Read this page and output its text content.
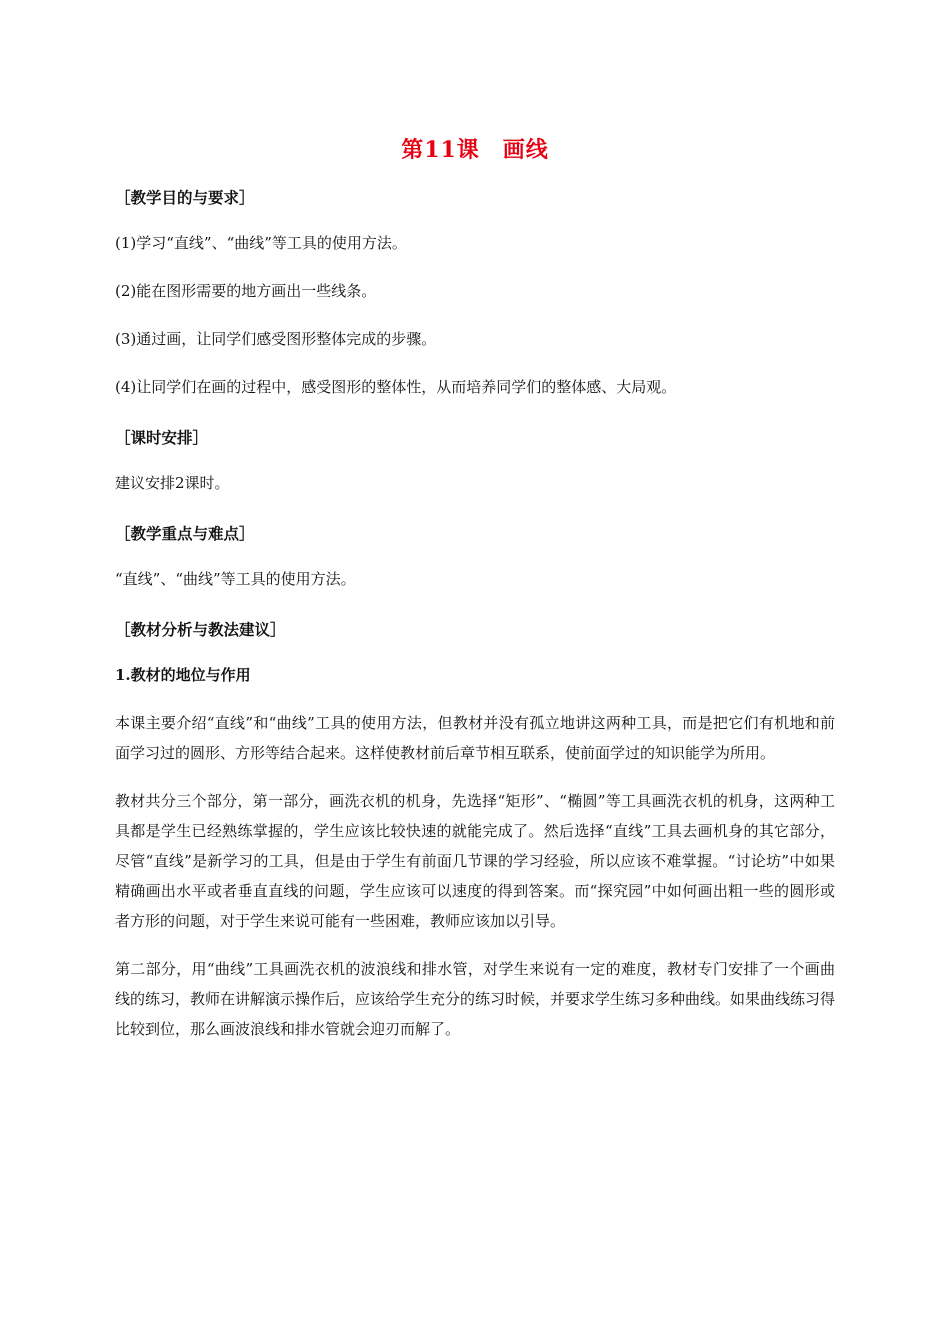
第11课　画线
［教学目的与要求］
(1)学习“直线”、“曲线”等工具的使用方法。
(2)能在图形需要的地方画出一些线条。
(3)通过画，让同学们感受图形整体完成的步骤。
(4)让同学们在画的过程中，感受图形的整体性，从而培养同学们的整体感、大局观。
［课时安排］
建议安排2课时。
［教学重点与难点］
“直线”、“曲线”等工具的使用方法。
［教材分析与教法建议］
1.教材的地位与作用
本课主要介绍“直线”和“曲线”工具的使用方法，但教材并没有孤立地讲这两种工具，而是把它们有机地和前面学习过的圆形、方形等结合起来。这样使教材前后章节相互联系，使前面学过的知识能学为所用。
教材共分三个部分，第一部分，画洗衣机的机身，先选择“矩形”、“椭圆”等工具画洗衣机的机身，这两种工具都是学生已经熟练掌握的，学生应该比较快速的就能完成了。然后选择“直线”工具去画机身的其它部分，尽管“直线”是新学习的工具，但是由于学生有前面几节课的学习经验，所以应该不难掌握。“讨论坊”中如果精确画出水平或者垂直直线的问题，学生应该可以速度的得到答案。而“探究园”中如何画出粗一些的圆形或者方形的问题，对于学生来说可能有一些困难，教师应该加以引导。
第二部分，用“曲线”工具画洗衣机的波浪线和排水管，对学生来说有一定的难度，教材专门安排了一个画曲线的练习，教师在讲解演示操作后，应该给学生充分的练习时候，并要求学生练习多种曲线。如果曲线练习得比较到位，那么画波浪线和排水管就会迎刃而解了。
